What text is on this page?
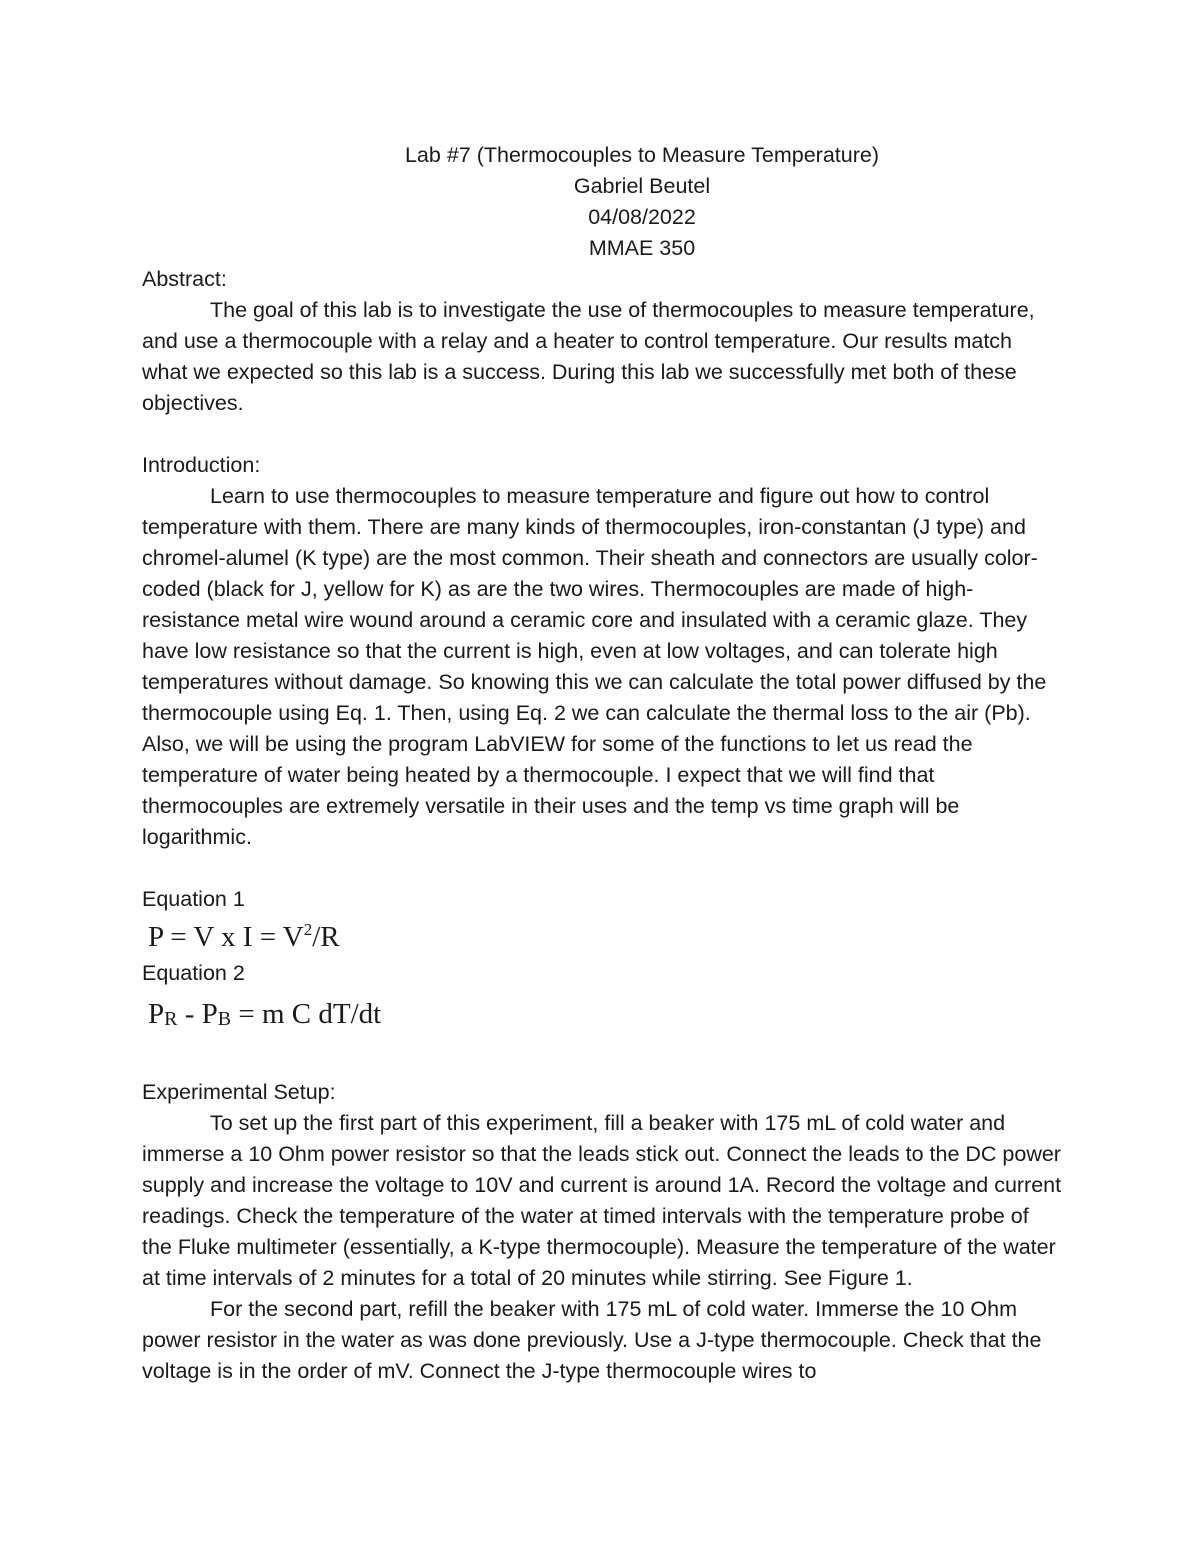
Lab #7 (Thermocouples to Measure Temperature)

Gabriel Beutel

04/08/2022

MMAE 350

Abstract:

The goal of this lab is to investigate the use of thermocouples to measure temperature, and use a thermocouple with a relay and a heater to control temperature. Our results match what we expected so this lab is a success. During this lab we successfully met both of these objectives.

Introduction:

Learn to use thermocouples to measure temperature and figure out how to control temperature with them. There are many kinds of thermocouples, iron-constantan (J type) and chromel-alumel (K type) are the most common. Their sheath and connectors are usually color-coded (black for J, yellow for K) as are the two wires. Thermocouples are made of high-resistance metal wire wound around a ceramic core and insulated with a ceramic glaze. They have low resistance so that the current is high, even at low voltages, and can tolerate high temperatures without damage. So knowing this we can calculate the total power diffused by the thermocouple using Eq. 1. Then, using Eq. 2 we can calculate the thermal loss to the air (Pb). Also, we will be using the program LabVIEW for some of the functions to let us read the temperature of water being heated by a thermocouple. I expect that we will find that thermocouples are extremely versatile in their uses and the temp vs time graph will be logarithmic.

Equation 1

P = V x $I = V^2/R$

Equation 2

$P_R - P_B = m$ C dT/dt

Experimental Setup:

To set up the first part of this experiment, fill a beaker with 175 mL of cold water and immerse a 10 Ohm power resistor so that the leads stick out. Connect the leads to the DC power supply and increase the voltage to 10V and current is around 1A. Record the voltage and current readings. Check the temperature of the water at timed intervals with the temperature probe of the Fluke multimeter (essentially, a K-type thermocouple). Measure the temperature of the water at time intervals of 2 minutes for a total of 20 minutes while stirring. See Figure 1.

For the second part, refill the beaker with 175 mL of cold water. Immerse the 10 Ohm power resistor in the water as was done previously. Use a J-type thermocouple. Check that the voltage is in the order of mV. Connect the J-type thermocouple wires to
